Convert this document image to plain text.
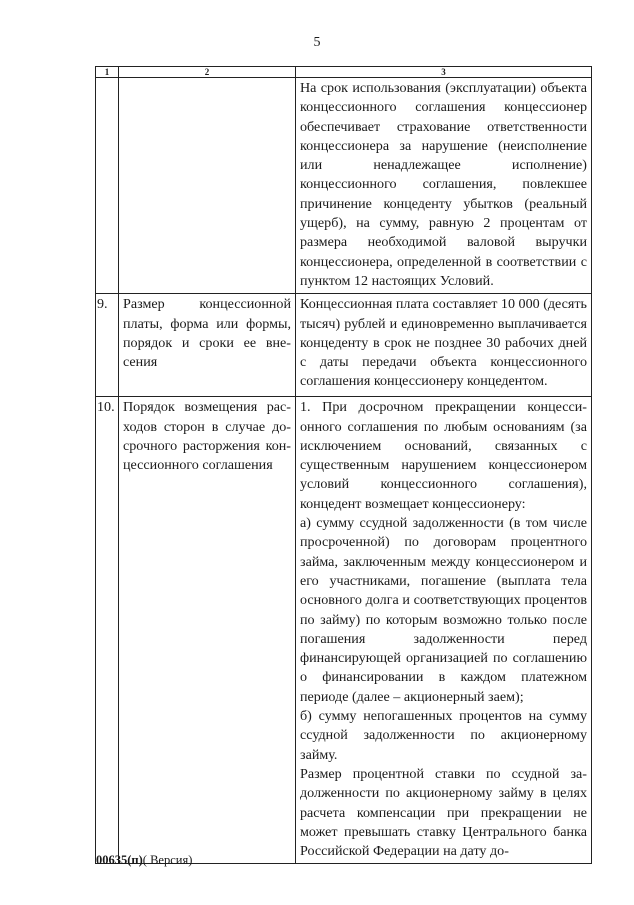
5
1	2	3

		На срок использования (эксплуатации) объекта концессионного соглашения концессионер обеспечивает страхование ответственности концессионера за нарушение (неисполнение или ненадлежащее исполнение) концессионного соглашения, повлекшее причинение концеденту убытков (реальный ущерб), на сумму, равную 2 процентам от размера необходимой валовой выручки концессионера, определенной в соответствии с пунктом 12 настоящих Условий.

9.	Размер концессионной платы, форма или формы, порядок и сроки ее внесения	Концессионная плата составляет 10 000 (десять тысяч) рублей и единовременно выплачивается концеденту в срок не позднее 30 рабочих дней с даты передачи объекта концессионного соглашения концессионеру концедентом.

10.	Порядок возмещения расходов сторон в случае досрочного расторжения концессионного соглашения	1. При досрочном прекращении концессионного соглашения по любым основаниям (за исключением оснований, связанных с существенным нарушением концессионером условий концессионного соглашения), концедент возмещает концессионеру:

а) сумму ссудной задолженности (в том числе просроченной) по договорам процентного займа, заключенным между концессионером и его участниками, погашение (выплата тела основного долга и соответствующих процентов по займу) по которым возможно только после погашения задолженности перед финансирующей организацией по соглашению о финансировании в каждом платежном периоде (далее – акционерный заем);

б) сумму непогашенных процентов на сумму ссудной задолженности по акционерному займу.

Размер процентной ставки по ссудной задолженности по акционерному займу в целях расчета компенсации при прекращении не может превышать ставку Центрального банка Российской Федерации на дату до-

00635(п)( Версия)
